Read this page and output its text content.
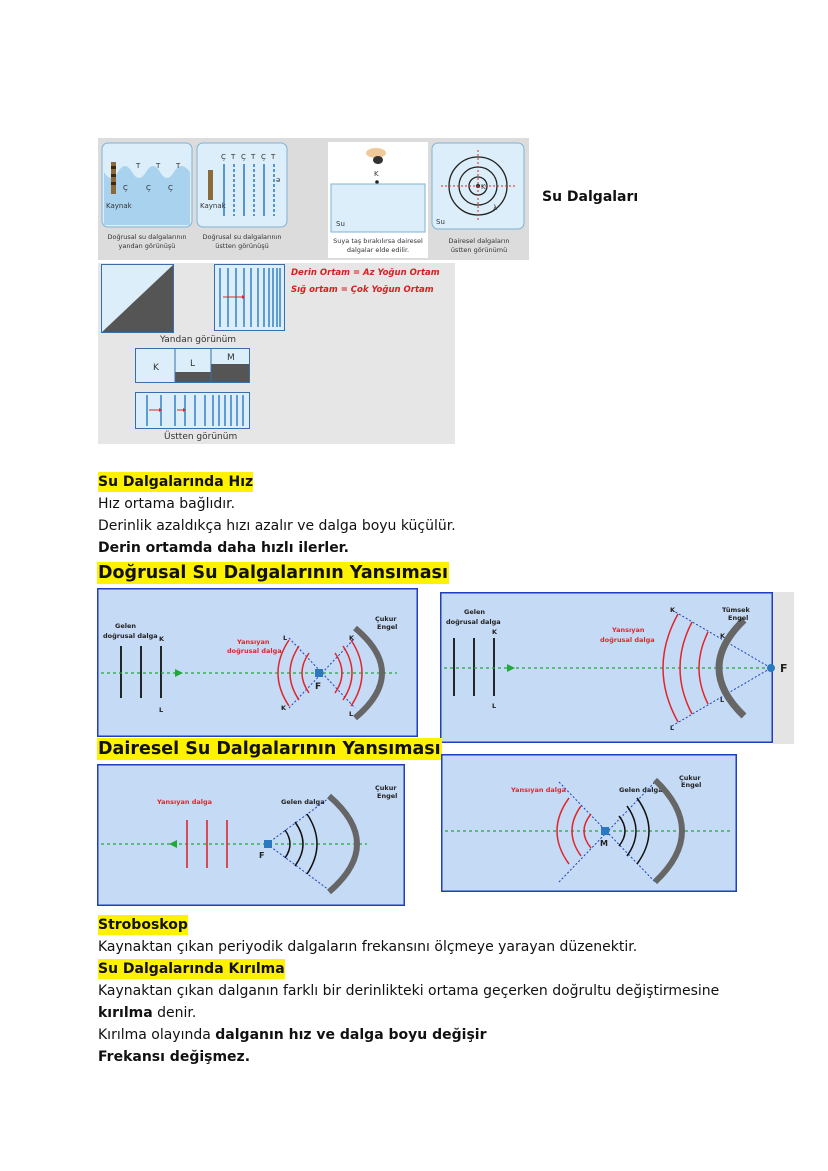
T T T
Ç	Ç Ç
Kaynak
Doğrusal su dalgalarının
yandan görünüşü
Ç T Ç T Ç T
ə
Kaynak
Doğrusal su dalgalarının
üstten görünüşü
K
Su
Suya taş bırakılırsa dairesel
dalgalar elde edilir.
K
λ
Su
Dairesel dalgaların
üstten görünümü
Su Dalgaları
Derin Ortam = Az Yoğun Ortam
Sığ ortam = Çok Yoğun Ortam
Yandan görünüm
K	L
M
Üstten görünüm
Su Dalgalarında Hız
Hız ortama bağlıdır.
Derinlik azaldıkça hızı azalır ve dalga boyu küçülür.
Derin ortamda daha hızlı ilerler.
Doğrusal Su Dalgalarının Yansıması
Gelen
doğrusal dalga K
L
Yansıyan
doğrusal dalga
F
L	K
K
L
Çukur
Engel
Gelen
doğrusal dalga
K
L
Yansıyan
doğrusal dalga
K
K
L
L
Tümsek
Engel
F
Dairesel Su Dalgalarının Yansıması
Yansıyan dalga	Gelen dalga
Çukur
Engel
F
Yansıyan dalga	Gelen dalga
Çukur
Engel
M
Stroboskop
Kaynaktan çıkan periyodik dalgaların frekansını ölçmeye yarayan düzenektir.
Su Dalgalarında Kırılma
Kaynaktan çıkan dalganın farklı bir derinlikteki ortama geçerken doğrultu değiştirmesine
kırılma denir.
Kırılma olayında dalganın hız ve dalga boyu değişir
Frekansı değişmez.
